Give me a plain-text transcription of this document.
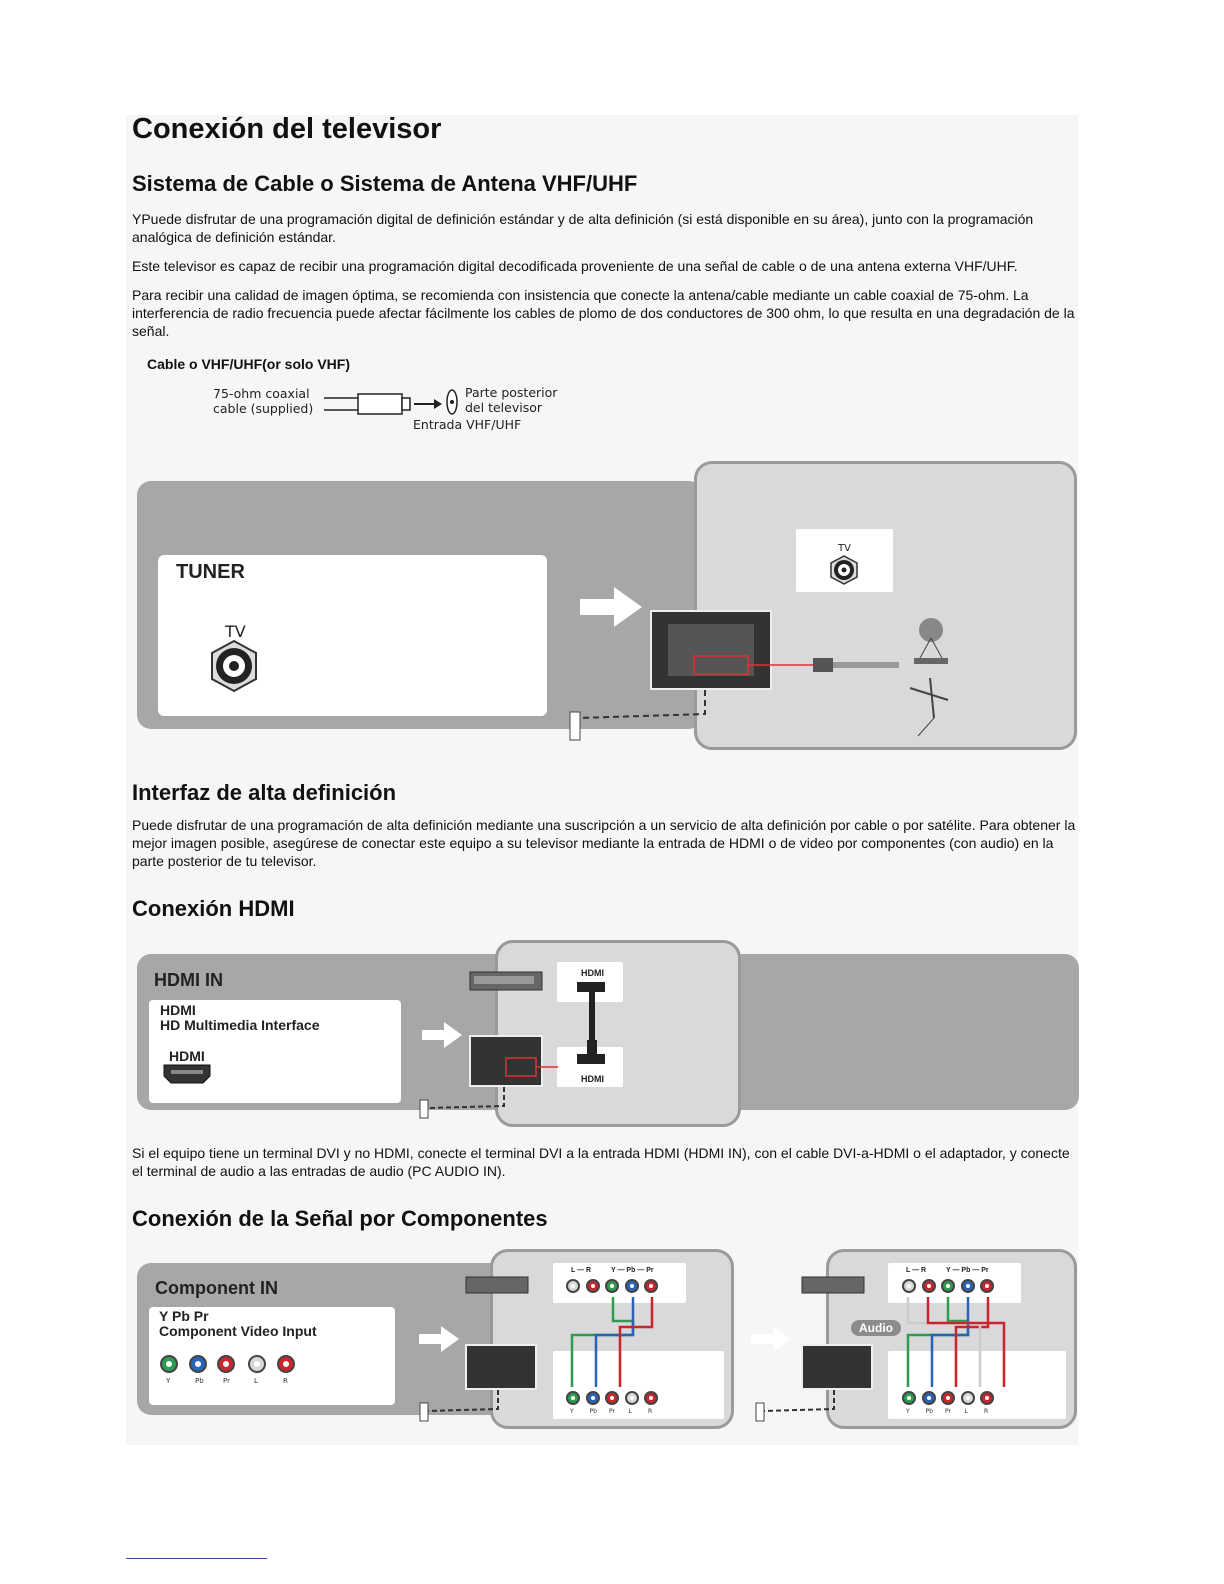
Conexión del televisor
Sistema de Cable o Sistema de Antena VHF/UHF

YPuede disfrutar de una programación digital de definición estándar y de alta definición (si está disponible en su área), junto con la programación analógica de definición estándar.

Este televisor es capaz de recibir una programación digital decodificada proveniente de una señal de cable o de una antena externa VHF/UHF.

Para recibir una calidad de imagen óptima, se recomienda con insistencia que conecte la antena/cable mediante un cable coaxial de 75-ohm. La interferencia de radio frecuencia puede afectar fácilmente los cables de plomo de dos conductores de 300 ohm, lo que resulta en una degradación de la señal.

Cable o VHF/UHF(or solo VHF)
75-ohm coaxial
cable (supplied)
Parte posterior
del televisor
Entrada VHF/UHF
TUNER
TV
TV
Interfaz de alta definición

Puede disfrutar de una programación de alta definición mediante una suscripción a un servicio de alta definición por cable o por satélite. Para obtener la mejor imagen posible, asegúrese de conectar este equipo a su televisor mediante la entrada de HDMI o de video por componentes (con audio) en la parte posterior de tu televisor.

Conexión HDMI
HDMI IN
HDMI
HD Multimedia Interface
HDMI
HDMI
HDMI

Si el equipo tiene un terminal DVI y no HDMI, conecte el terminal DVI a la entrada HDMI (HDMI IN), con el cable DVI-a-HDMI o el adaptador, y conecte el terminal de audio a las entradas de audio (PC AUDIO IN).

Conexión de la Señal por Componentes
Component IN
Y Pb Pr
Component Video Input
Y	Pb	Pr	L	R
L — R	Y — Pb — Pr	L — R	Y — Pb — Pr
Audio
Y	Pb Pr L	R	Y	Pb Pr L	R
